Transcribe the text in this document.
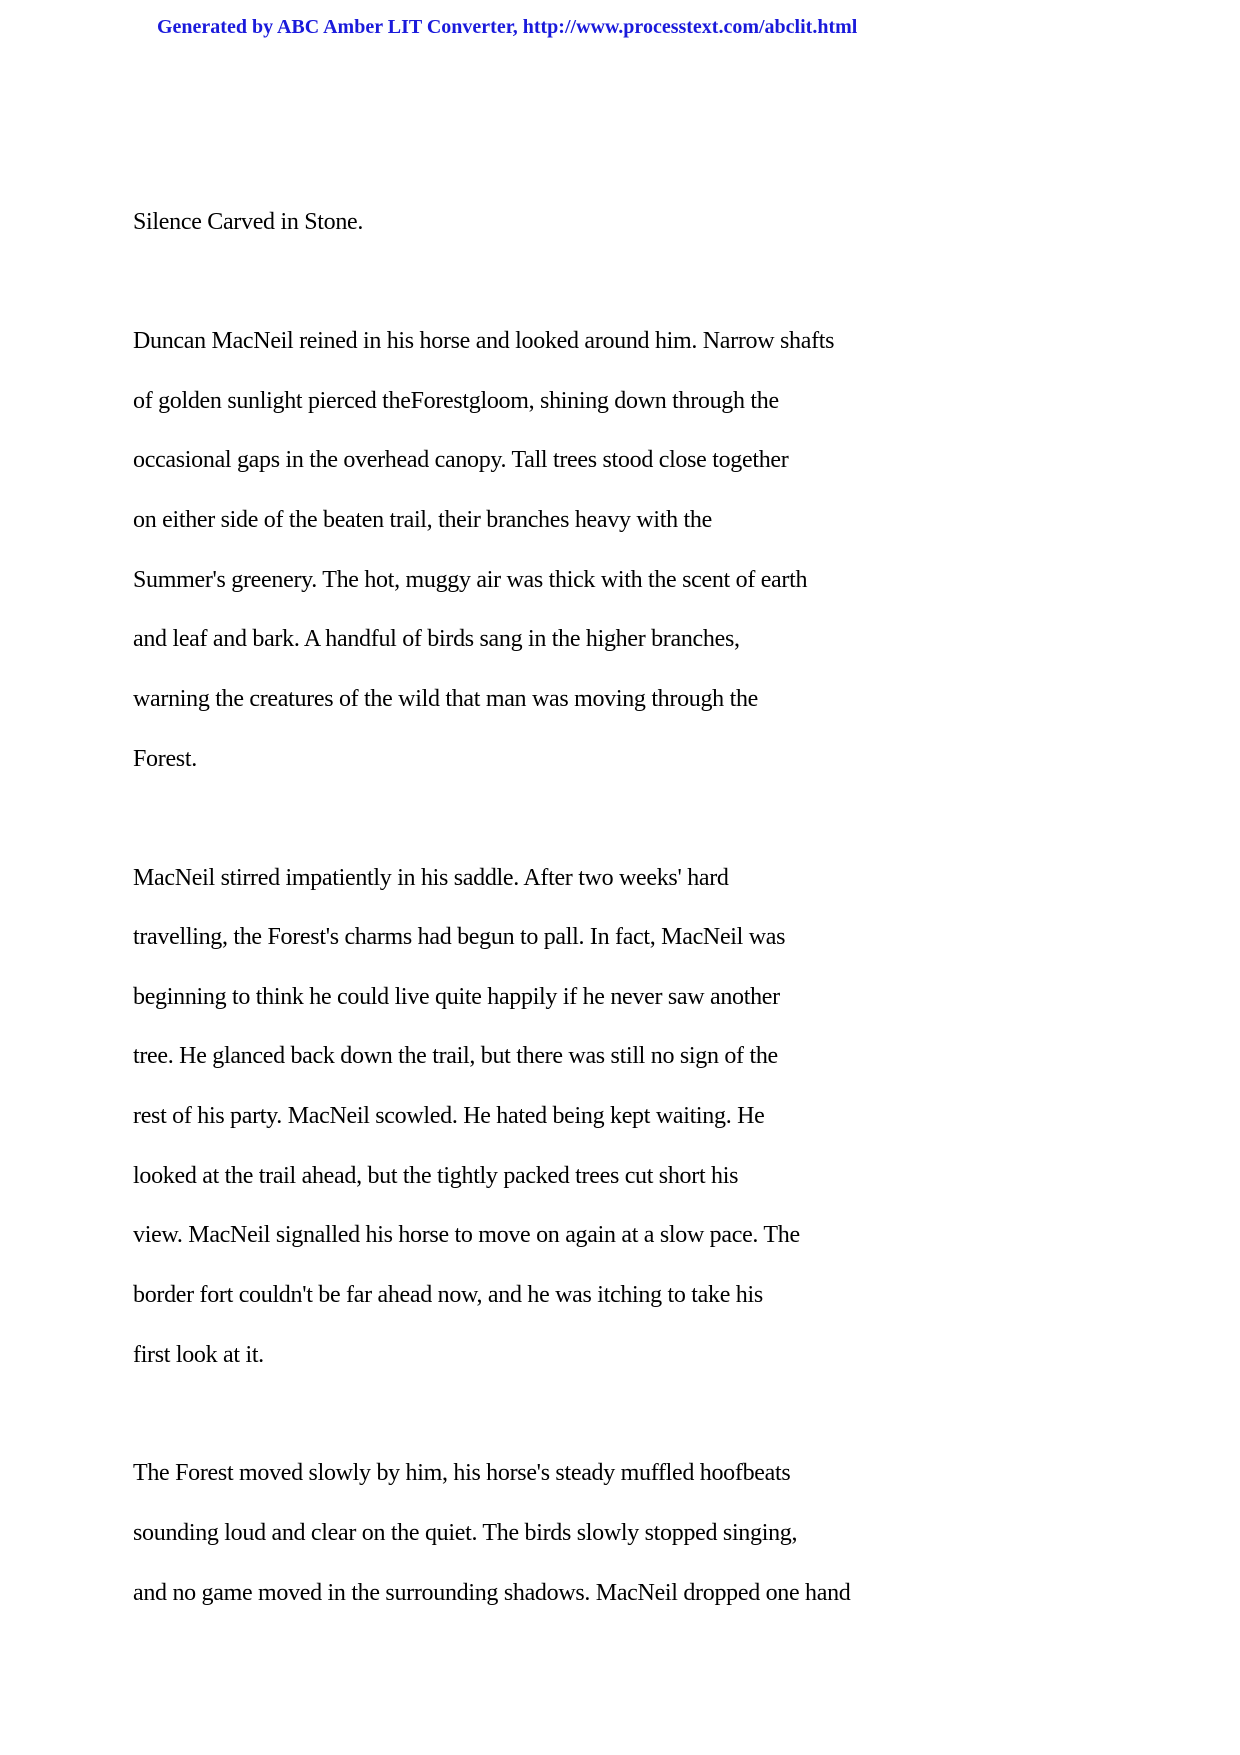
Generated by ABC Amber LIT Converter, http://www.processtext.com/abclit.html
Silence Carved in Stone.
Duncan MacNeil reined in his horse and looked around him. Narrow shafts
of golden sunlight pierced theForestgloom, shining down through the
occasional gaps in the overhead canopy. Tall trees stood close together
on either side of the beaten trail, their branches heavy with the
Summer's greenery. The hot, muggy air was thick with the scent of earth
and leaf and bark. A handful of birds sang in the higher branches,
warning the creatures of the wild that man was moving through the
Forest.
MacNeil stirred impatiently in his saddle. After two weeks' hard
travelling, the Forest's charms had begun to pall. In fact, MacNeil was
beginning to think he could live quite happily if he never saw another
tree. He glanced back down the trail, but there was still no sign of the
rest of his party. MacNeil scowled. He hated being kept waiting. He
looked at the trail ahead, but the tightly packed trees cut short his
view. MacNeil signalled his horse to move on again at a slow pace. The
border fort couldn't be far ahead now, and he was itching to take his
first look at it.
The Forest moved slowly by him, his horse's steady muffled hoofbeats
sounding loud and clear on the quiet. The birds slowly stopped singing,
and no game moved in the surrounding shadows. MacNeil dropped one hand
